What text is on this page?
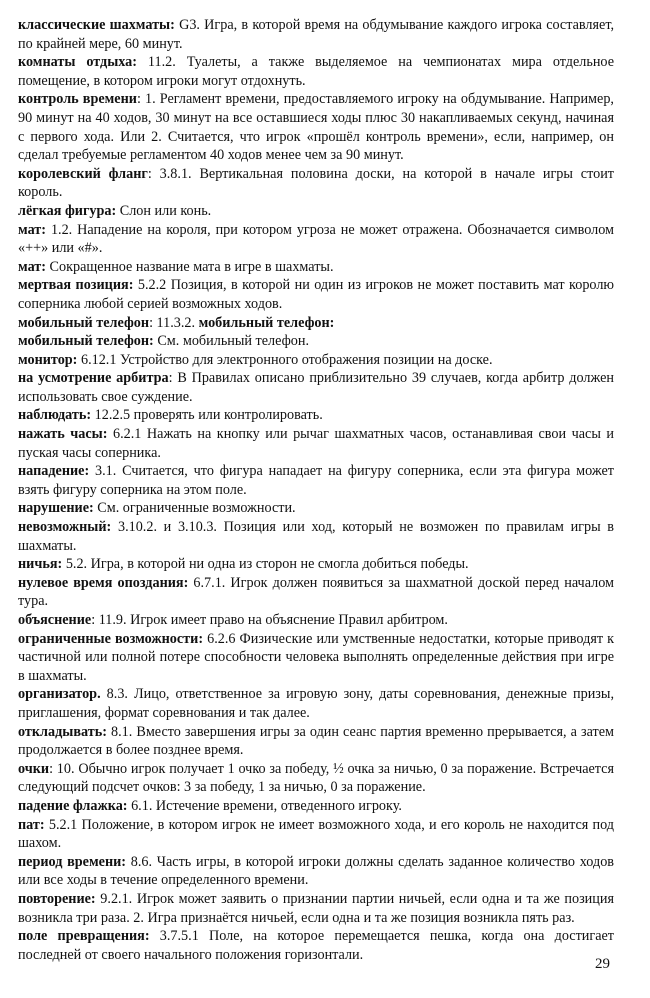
классические шахматы: G3. Игра, в которой время на обдумывание каждого игрока составляет, по крайней мере, 60 минут.

комнаты отдыха: 11.2. Туалеты, а также выделяемое на чемпионатах мира отдельное помещение, в котором игроки могут отдохнуть.

контроль времени: 1. Регламент времени, предоставляемого игроку на обдумывание. Например, 90 минут на 40 ходов, 30 минут на все оставшиеся ходы плюс 30 накапливаемых секунд, начиная с первого хода. Или 2. Считается, что игрок «прошёл контроль времени», если, например, он сделал требуемые регламентом 40 ходов менее чем за 90 минут.

королевский фланг: 3.8.1. Вертикальная половина доски, на которой в начале игры стоит король.

лёгкая фигура: Слон или конь.

мат: 1.2. Нападение на короля, при котором угроза не может отражена. Обозначается символом «++» или «#».

мат: Сокращенное название мата в игре в шахматы.

мертвая позиция: 5.2.2 Позиция, в которой ни один из игроков не может поставить мат королю соперника любой серией возможных ходов.

мобильный телефон: 11.3.2. мобильный телефон:

мобильный телефон: См. мобильный телефон.

монитор: 6.12.1 Устройство для электронного отображения позиции на доске.

на усмотрение арбитра: В Правилах описано приблизительно 39 случаев, когда арбитр должен использовать свое суждение.

наблюдать: 12.2.5 проверять или контролировать.

нажать часы: 6.2.1 Нажать на кнопку или рычаг шахматных часов, останавливая свои часы и пуская часы соперника.

нападение: 3.1. Считается, что фигура нападает на фигуру соперника, если эта фигура может взять фигуру соперника на этом поле.

нарушение: См. ограниченные возможности.

невозможный: 3.10.2. и 3.10.3. Позиция или ход, который не возможен по правилам игры в шахматы.

ничья: 5.2. Игра, в которой ни одна из сторон не смогла добиться победы.

нулевое время опоздания: 6.7.1. Игрок должен появиться за шахматной доской перед началом тура.

объяснение: 11.9. Игрок имеет право на объяснение Правил арбитром.

ограниченные возможности: 6.2.6 Физические или умственные недостатки, которые приводят к частичной или полной потере способности человека выполнять определенные действия при игре в шахматы.

организатор. 8.3. Лицо, ответственное за игровую зону, даты соревнования, денежные призы, приглашения, формат соревнования и так далее.

откладывать: 8.1. Вместо завершения игры за один сеанс партия временно прерывается, а затем продолжается в более позднее время.

очки: 10. Обычно игрок получает 1 очко за победу, ½ очка за ничью, 0 за поражение. Встречается следующий подсчет очков: 3 за победу, 1 за ничью, 0 за поражение.

падение флажка: 6.1. Истечение времени, отведенного игроку.

пат: 5.2.1 Положение, в котором игрок не имеет возможного хода, и его король не находится под шахом.

период времени: 8.6. Часть игры, в которой игроки должны сделать заданное количество ходов или все ходы в течение определенного времени.

повторение: 9.2.1. Игрок может заявить о признании партии ничьей, если одна и та же позиция возникла три раза. 2. Игра признаётся ничьей, если одна и та же позиция возникла пять раз.

поле превращения: 3.7.5.1 Поле, на которое перемещается пешка, когда она достигает последней от своего начального положения горизонтали.

29
